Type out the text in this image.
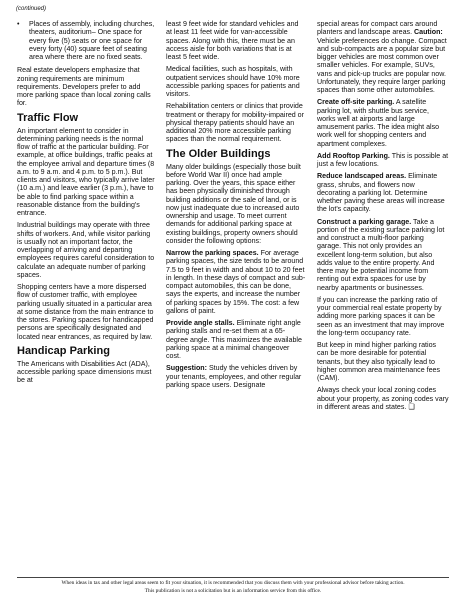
(continued)
•	Places of assembly, including churches, theaters, auditorium– One space for every five (5) seats or one space for every forty (40) square feet of seating area where there are no fixed seats.

Real estate developers emphasize that zoning requirements are minimum requirements. Developers prefer to add more parking space than local zoning calls for.

Traffic Flow

An important element to consider in determining parking needs is the normal flow of traffic at the particular building. For example, at office buildings, traffic peaks at the employee arrival and departure times (8 a.m. to 9 a.m. and 4 p.m. to 5 p.m.). But clients and visitors, who typically arrive later (10 a.m.) and leave earlier (3 p.m.), have to be able to find parking space within a reasonable distance from the building's entrance.

Industrial buildings may operate with three shifts of workers. And, while visitor parking is usually not an important factor, the overlapping of arriving and departing employees requires careful consideration to calculate an adequate number of parking spaces.

Shopping centers have a more dispersed flow of customer traffic, with employee parking usually situated in a particular area at some distance from the main entrance to the stores. Parking spaces for handicapped persons are specifically designated and located near entrances, as required by law.

Handicap Parking

The Americans with Disabilities Act (ADA), accessible parking space dimensions must be at

least 9 feet wide for standard vehicles and at least 11 feet wide for van-accessible spaces. Along with this, there must be an access aisle for both variations that is at least 5 feet wide.

Medical facilities, such as hospitals, with outpatient services should have 10% more accessible parking spaces for patients and visitors.

Rehabilitation centers or clinics that provide treatment or therapy for mobility-impaired or physical therapy patients should have an additional 20% more accessible parking spaces than the normal requirement.

The Older Buildings

Many older buildings (especially those built before World War II) once had ample parking. Over the years, this space either has been physically diminished through building additions or the sale of land, or is now just inadequate due to increased auto ownership and usage. To meet current demands for additional parking space at existing buildings, property owners should consider the following options:

Narrow the parking spaces. For average parking spaces, the size tends to be around 7.5 to 9 feet in width and about 10 to 20 feet in length. In these days of compact and sub-compact automobiles, this can be done, says the experts, and increase the number of parking spaces by 15%. The cost: a few gallons of paint.

Provide angle stalls. Eliminate right angle parking stalls and re-set them at a 65-degree angle. This maximizes the available parking space at a minimal changeover cost.

Suggestion: Study the vehicles driven by your tenants, employees, and other regular parking space users. Designate

special areas for compact cars around planters and landscape areas. Caution: Vehicle preferences do change. Compact and sub-compacts are a popular size but bigger vehicles are most common over smaller vehicles. For example, SUVs, vans and pick-up trucks are popular now. Unfortunately, they require larger parking spaces than some other automobiles.

Create off-site parking. A satellite parking lot, with shuttle bus service, works well at airports and large amusement parks. The idea might also work well for shopping centers and apartment complexes.

Add Rooftop Parking. This is possible at just a few locations.

Reduce landscaped areas. Eliminate grass, shrubs, and flowers now decorating a parking lot. Determine whether paving these areas will increase the lot's capacity.

Construct a parking garage. Take a portion of the existing surface parking lot and construct a multi-floor parking garage. This not only provides an excellent long-term solution, but also adds value to the entire property. And there may be potential income from renting out extra spaces for use by nearby apartments or businesses.

If you can increase the parking ratio of your commercial real estate property by adding more parking spaces it can be seen as an investment that may improve the long-term occupancy rate.

But keep in mind higher parking ratios can be more desirable for potential tenants, but they also typically lead to higher common area maintenance fees (CAM).

Always check your local zoning codes about your property, as zoning codes vary in different areas and states. ❑

When ideas in tax and other legal areas seem to fit your situation, it is recommended that you discuss them with your professional advisor before taking action.
This publication is not a solicitation but is an information service from this office.
